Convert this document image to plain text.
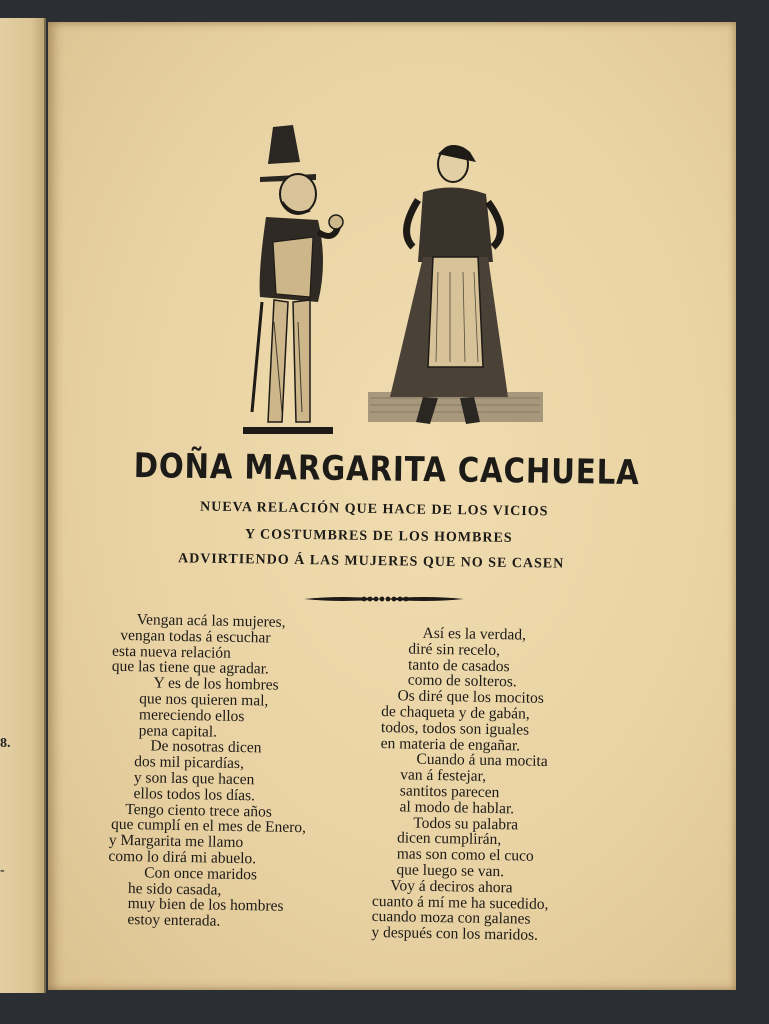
8.
-
DOÑA MARGARITA CACHUELA
NUEVA RELACIÓN QUE HACE DE LOS VICIOS
Y COSTUMBRES DE LOS HOMBRES
ADVIRTIENDO Á LAS MUJERES QUE NO SE CASEN
Vengan acá las mujeres,
vengan todas á escuchar
esta nueva relación
que las tiene que agradar.
Y es de los hombres
que nos quieren mal,
mereciendo ellos
pena capital.
De nosotras dicen
dos mil picardías,
y son las que hacen
ellos todos los días.
Tengo ciento trece años
que cumplí en el mes de Enero,
y Margarita me llamo
como lo dirá mi abuelo.
Con once maridos
he sido casada,
muy bien de los hombres
estoy enterada.
Así es la verdad,
diré sin recelo,
tanto de casados
como de solteros.
Os diré que los mocitos
de chaqueta y de gabán,
todos, todos son iguales
en materia de engañar.
Cuando á una mocita
van á festejar,
santitos parecen
al modo de hablar.
Todos su palabra
dicen cumplirán,
mas son como el cuco
que luego se van.
Voy á deciros ahora
cuanto á mí me ha sucedido,
cuando moza con galanes
y después con los maridos.
